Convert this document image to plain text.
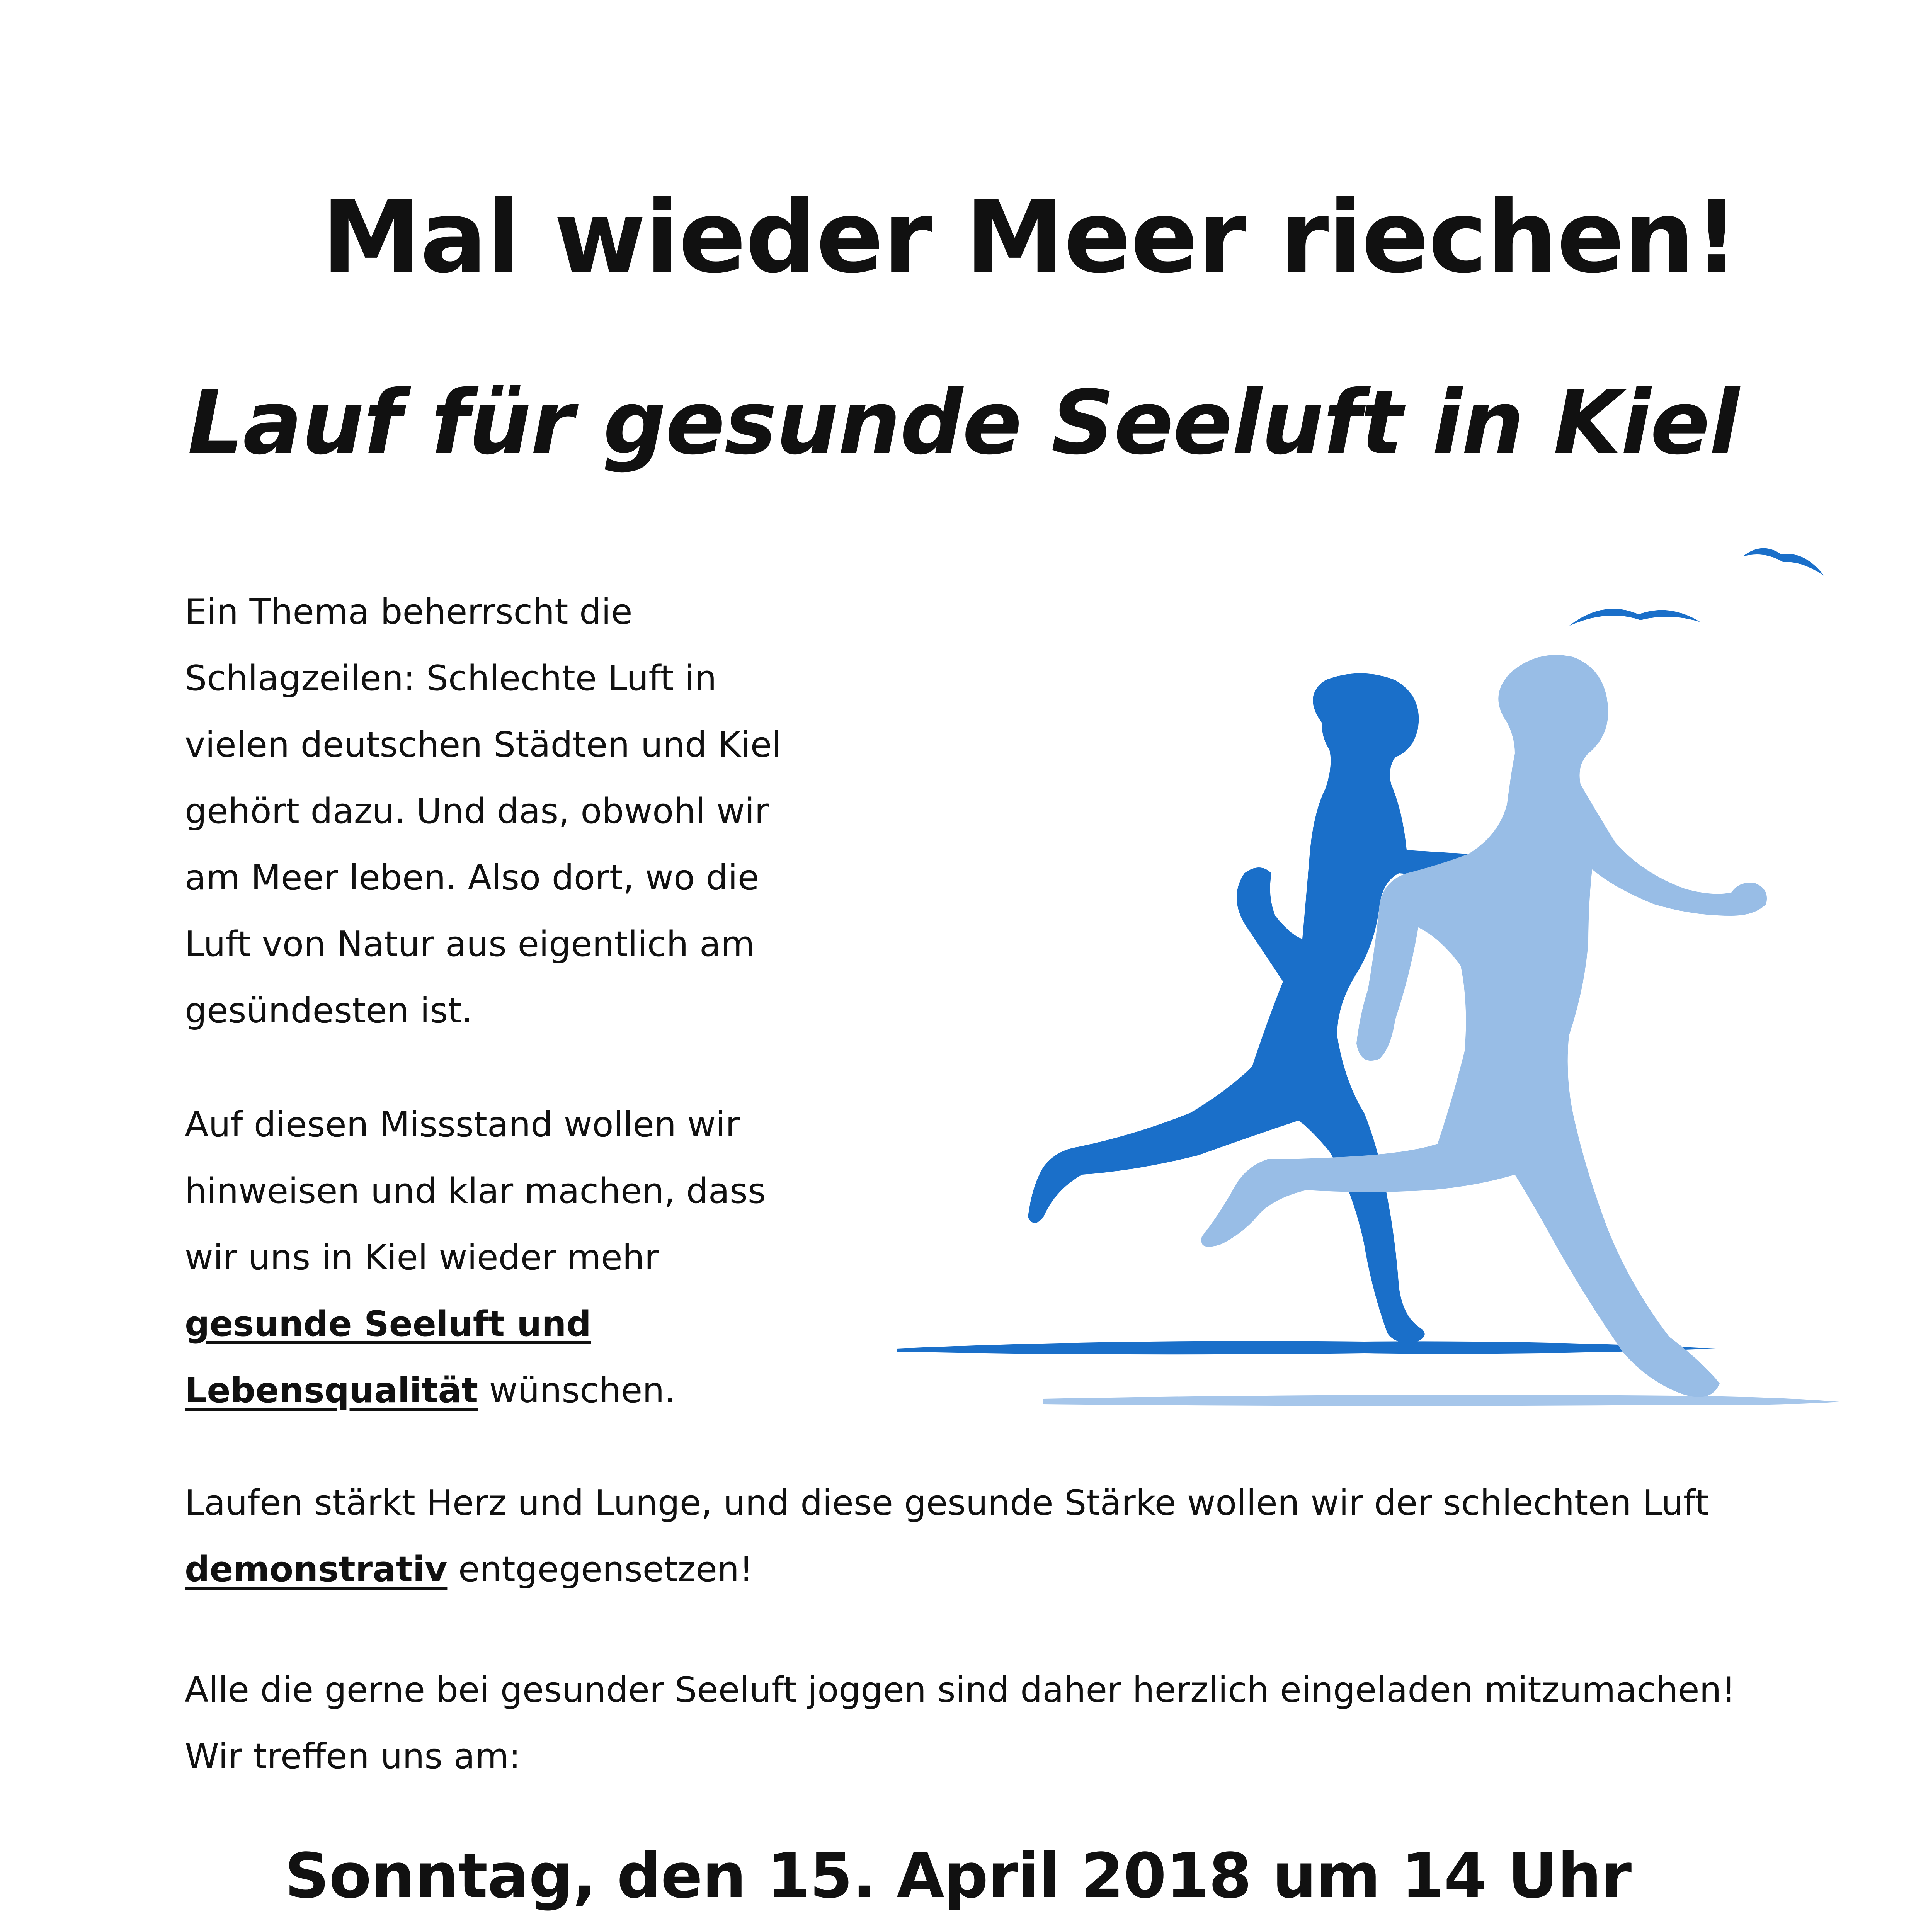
Mal wieder Meer riechen!
Lauf für gesunde Seeluft in Kiel
Ein Thema beherrscht die
Schlagzeilen: Schlechte Luft in
vielen deutschen Städten und Kiel
gehört dazu. Und das, obwohl wir
am Meer leben. Also dort, wo die
Luft von Natur aus eigentlich am
gesündesten ist.
Auf diesen Missstand wollen wir
hinweisen und klar machen, dass
wir uns in Kiel wieder mehr
gesunde Seeluft und
Lebensqualität wünschen.
Laufen stärkt Herz und Lunge, und diese gesunde Stärke wollen wir der schlechten Luft
demonstrativ entgegensetzen!
Alle die gerne bei gesunder Seeluft joggen sind daher herzlich eingeladen mitzumachen!
Wir treffen uns am:
Sonntag, den 15. April 2018 um 14 Uhr
